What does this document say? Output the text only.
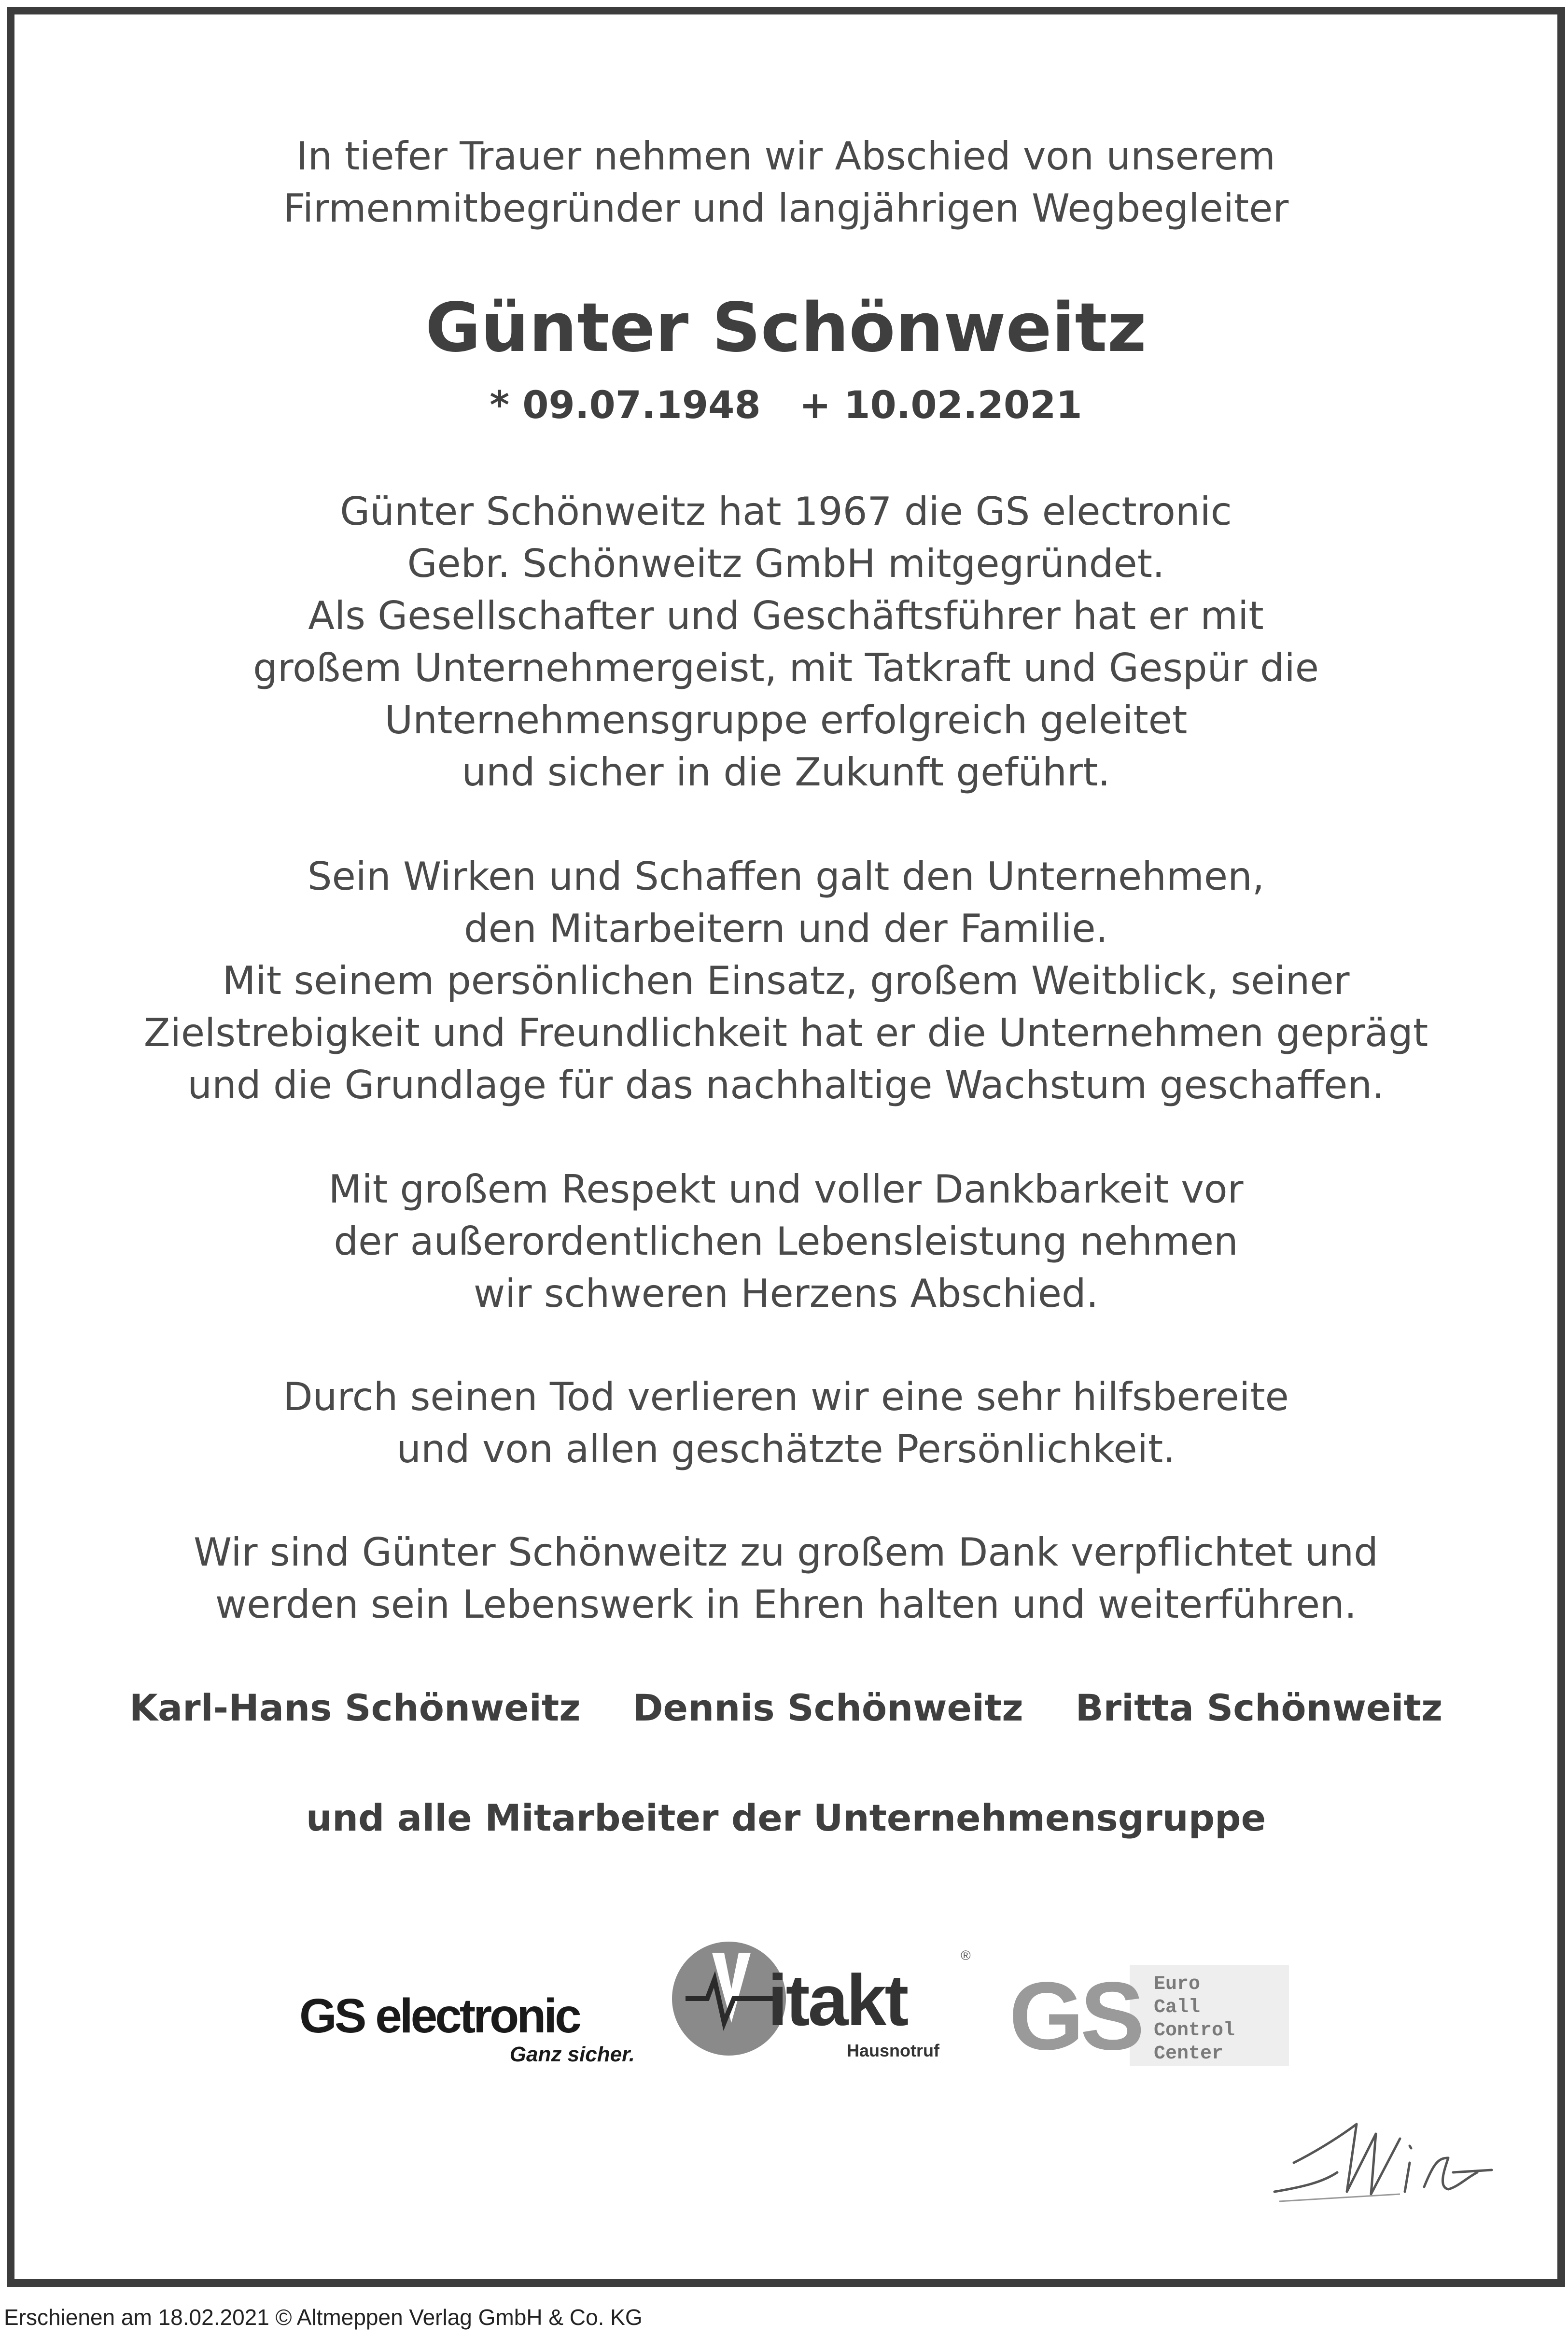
In tiefer Trauer nehmen wir Abschied von unserem
Firmenmitbegründer und langjährigen Wegbegleiter
Günter Schönweitz
* 09.07.1948 + 10.02.2021
Günter Schönweitz hat 1967 die GS electronic
Gebr. Schönweitz GmbH mitgegründet.
Als Gesellschafter und Geschäftsführer hat er mit
großem Unternehmergeist, mit Tatkraft und Gespür die
Unternehmensgruppe erfolgreich geleitet
und sicher in die Zukunft geführt.
Sein Wirken und Schaffen galt den Unternehmen,
den Mitarbeitern und der Familie.
Mit seinem persönlichen Einsatz, großem Weitblick, seiner
Zielstrebigkeit und Freundlichkeit hat er die Unternehmen geprägt
und die Grundlage für das nachhaltige Wachstum geschaffen.
Mit großem Respekt und voller Dankbarkeit vor
der außerordentlichen Lebensleistung nehmen
wir schweren Herzens Abschied.
Durch seinen Tod verlieren wir eine sehr hilfsbereite
und von allen geschätzte Persönlichkeit.
Wir sind Günter Schönweitz zu großem Dank verpflichtet und
werden sein Lebenswerk in Ehren halten und weiterführen.
Karl-Hans Schönweitz Dennis Schönweitz Britta Schönweitz
und alle Mitarbeiter der Unternehmensgruppe
GS electronic
Ganz sicher.
itakt
®
Hausnotruf GS Euro
Call
Control
Center
Erschienen am 18.02.2021 © Altmeppen Verlag GmbH & Co. KG
